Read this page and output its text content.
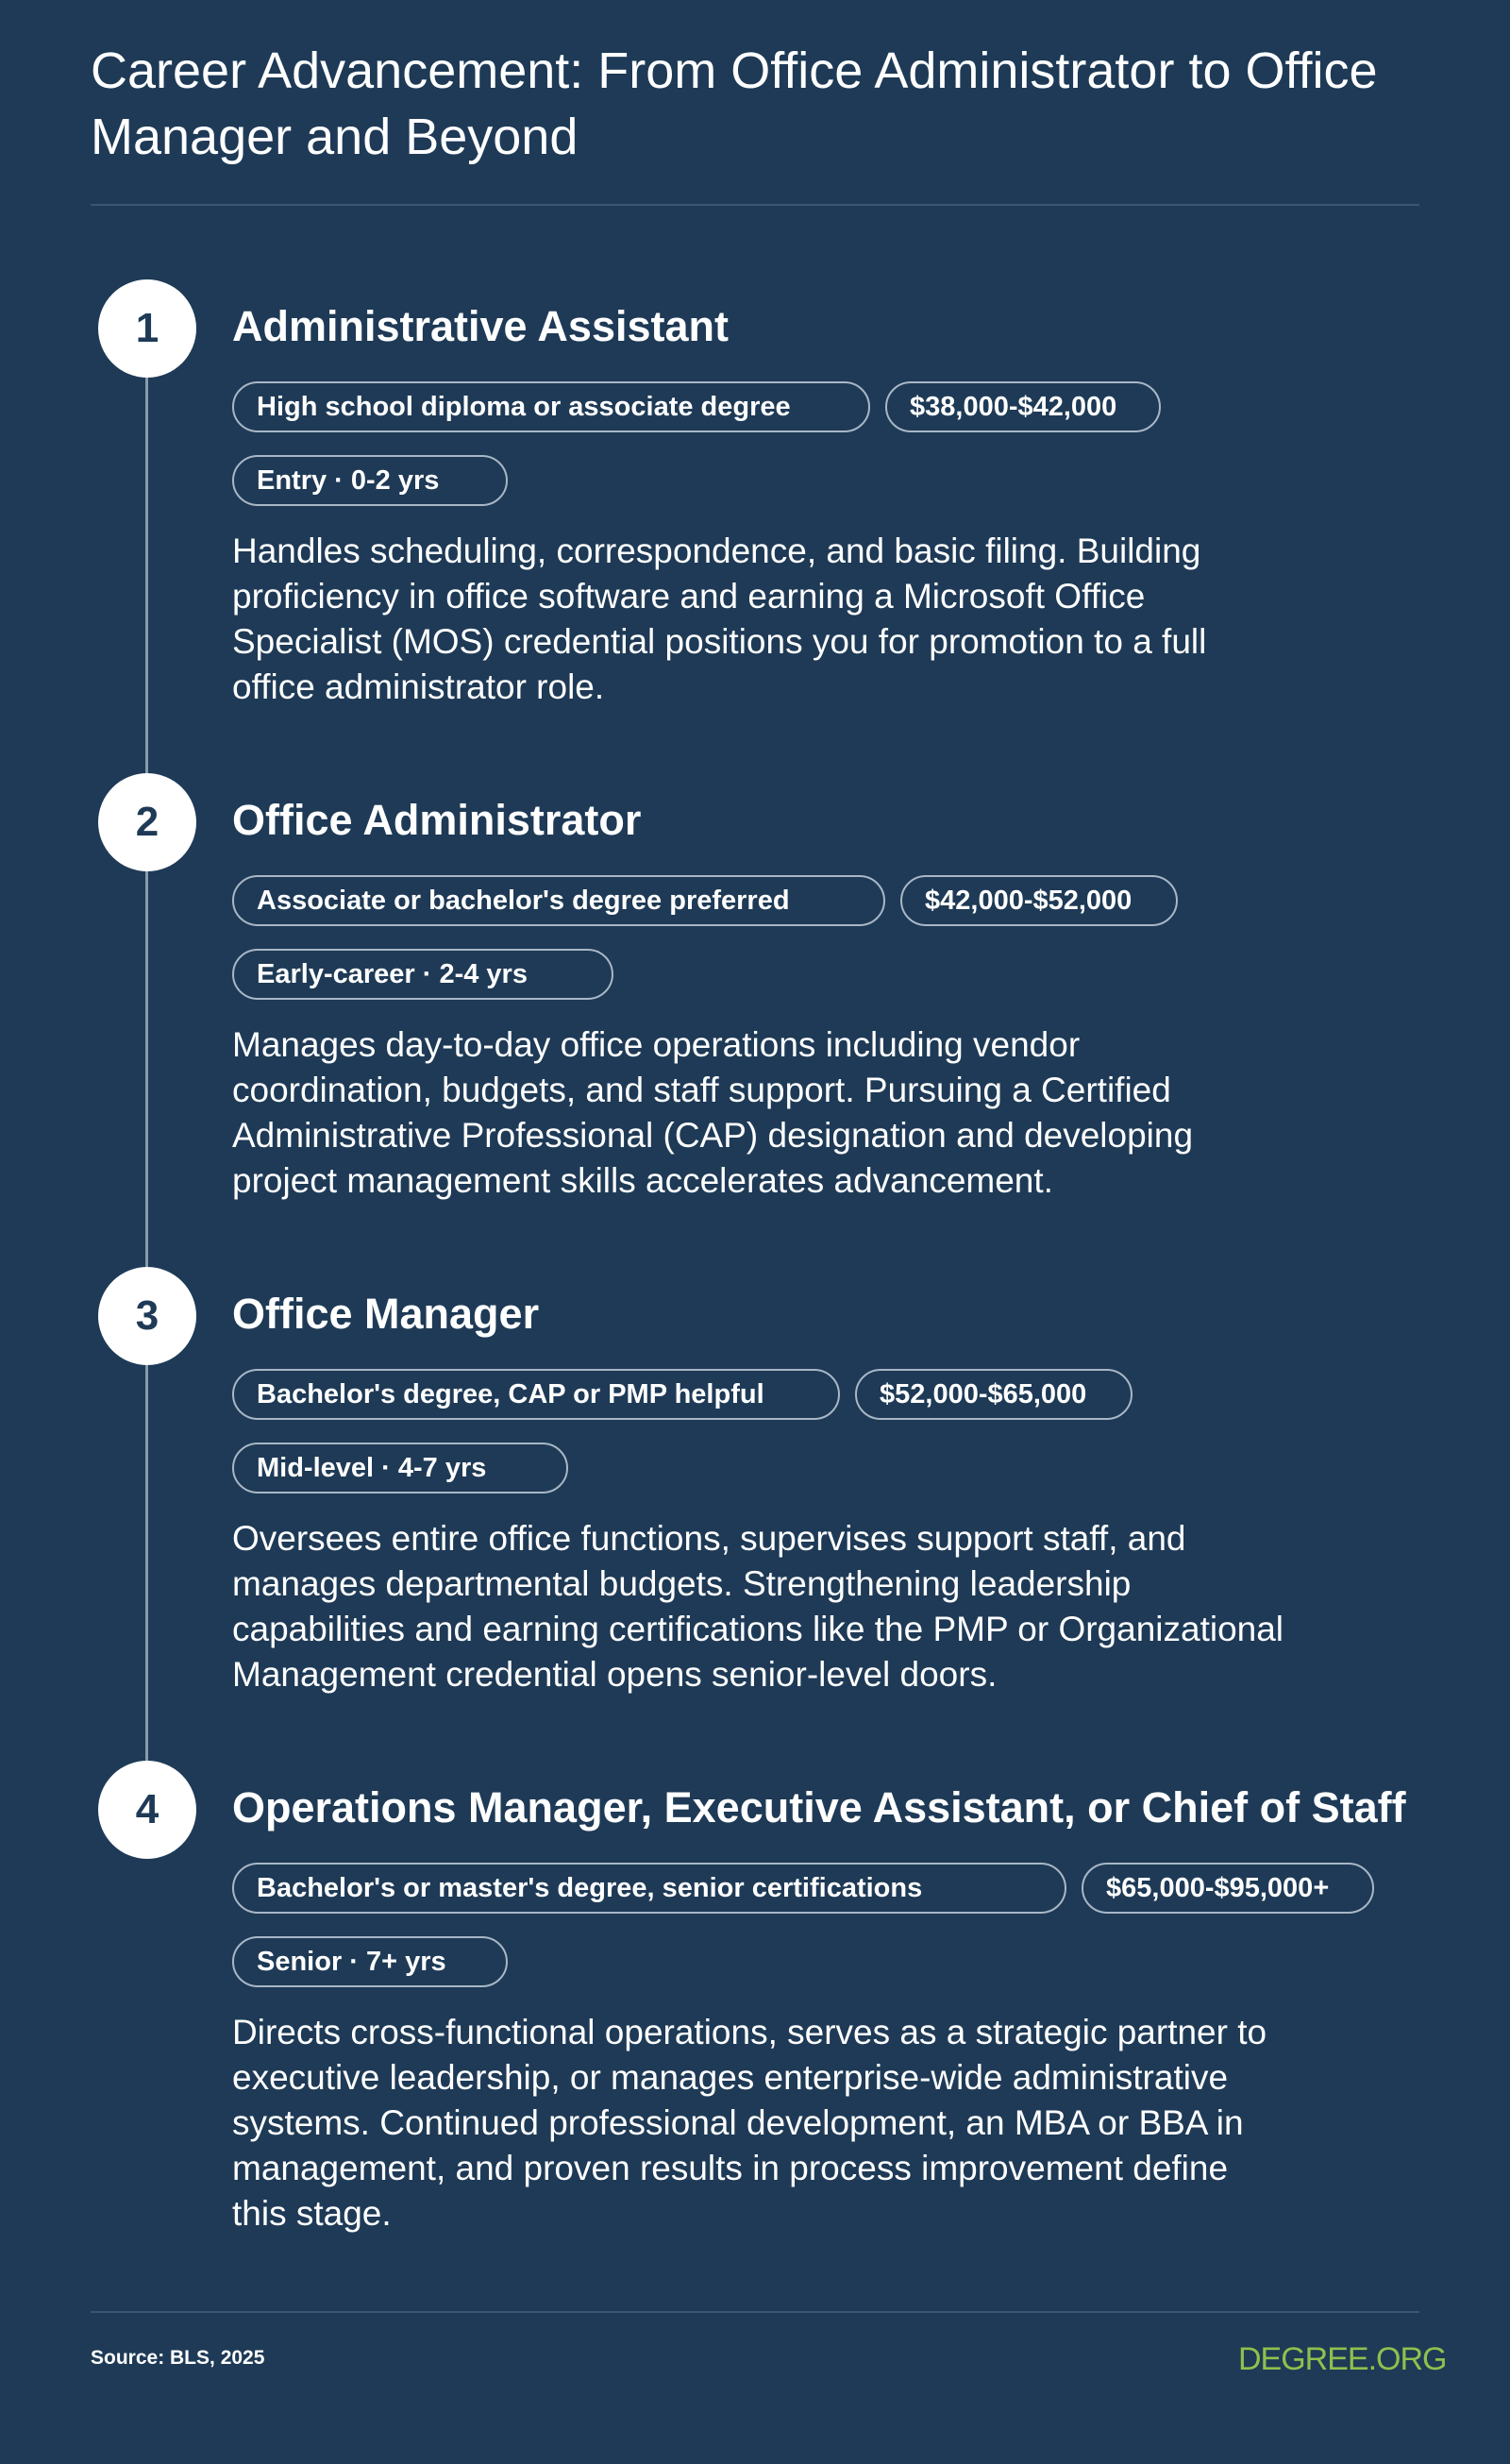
Career Advancement: From Office Administrator to Office Manager and Beyond
1	Administrative Assistant
High school diploma or associate degree	$38,000-$42,000
Entry · 0-2 yrs

Handles scheduling, correspondence, and basic filing. Building proficiency in office software and earning a Microsoft Office Specialist (MOS) credential positions you for promotion to a full office administrator role.

2	Office Administrator
Associate or bachelor's degree preferred	$42,000-$52,000
Early-career · 2-4 yrs

Manages day-to-day office operations including vendor coordination, budgets, and staff support. Pursuing a Certified Administrative Professional (CAP) designation and developing project management skills accelerates advancement.

3	Office Manager
Bachelor's degree, CAP or PMP helpful	$52,000-$65,000
Mid-level · 4-7 yrs

Oversees entire office functions, supervises support staff, and manages departmental budgets. Strengthening leadership capabilities and earning certifications like the PMP or Organizational Management credential opens senior-level doors.

4	Operations Manager, Executive Assistant, or Chief of Staff
Bachelor's or master's degree, senior certifications	$65,000-$95,000+
Senior · 7+ yrs

Directs cross-functional operations, serves as a strategic partner to executive leadership, or manages enterprise-wide administrative systems. Continued professional development, an MBA or BBA in management, and proven results in process improvement define this stage.

Source: BLS, 2025	DEGREE.ORG
